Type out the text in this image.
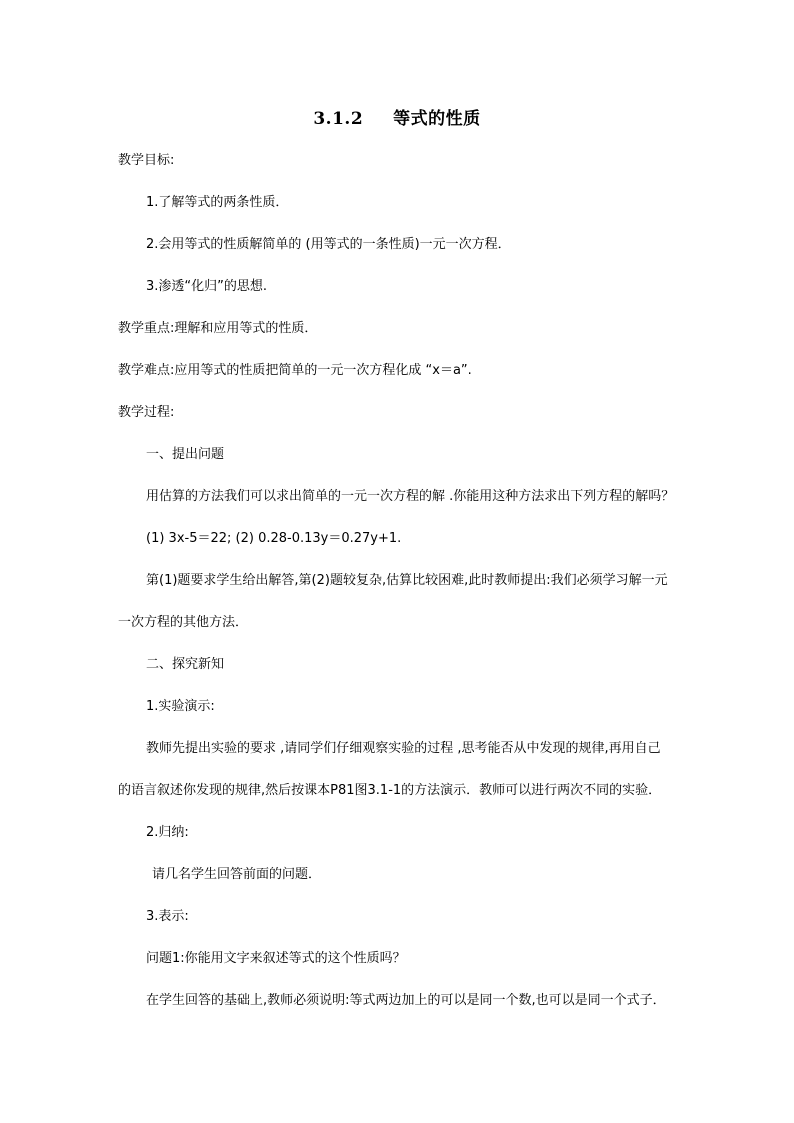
3.1.2 等式的性质
教学目标:
1.了解等式的两条性质．
2.会用等式的性质解简单的 (用等式的一条性质)一元一次方程．
3.渗透“化归”的思想.
教学重点:理解和应用等式的性质．
教学难点:应用等式的性质把简单的一元一次方程化成 “x＝a”.
教学过程:
一、提出问题
用估算的方法我们可以求出简单的一元一次方程的解 .你能用这种方法求出下列方程的解吗？
(1) 3x-5＝22; (2) 0.28-0.13y＝0.27y+1.
第(1)题要求学生给出解答,第(2)题较复杂,估算比较困难,此时教师提出:我们必须学习解一元
一次方程的其他方法．
二、探究新知
1.实验演示:
教师先提出实验的要求 ,请同学们仔细观察实验的过程 ,思考能否从中发现的规律,再用自己
的语言叙述你发现的规律,然后按课本P81图3.1-1的方法演示．教师可以进行两次不同的实验．
2.归纳:
请几名学生回答前面的问题．
3.表示:
问题1:你能用文字来叙述等式的这个性质吗？
在学生回答的基础上,教师必须说明:等式两边加上的可以是同一个数,也可以是同一个式子．
